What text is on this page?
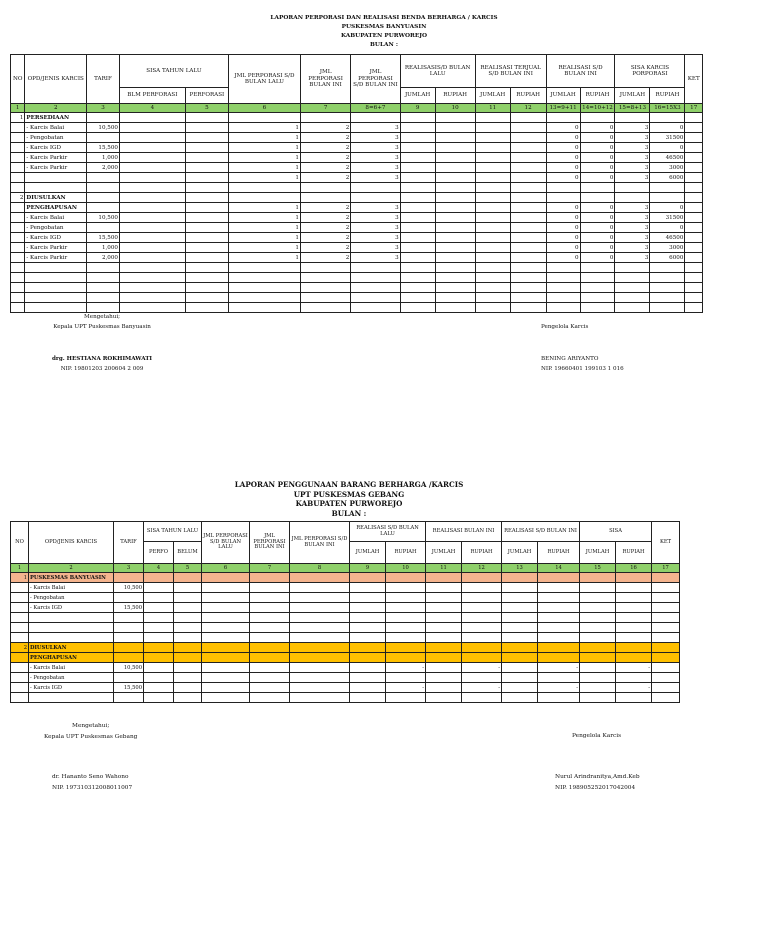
LAPORAN PERPORASI DAN REALISASI BENDA BERHARGA / KARCIS
PUSKESMAS BANYUASIN
KABUPATEN PURWOREJO
BULAN :
NO	OPD/JENIS KARCIS	TARIF	SISA TAHUN LALU		JML PERPORASI S/D BULAN LALU	JML PERPORASI BULAN INI	JML PERPORASI S/D BULAN INI	REALISASIS/D BULAN LALU		REALISASI TERJUAL S/D BULAN INI		REALISASI S/D BULAN INI		SISA KARCIS PORPORASI		KET
			BLM PERFORASI	PERFORASI				JUMLAH	RUPIAH	JUMLAH	RUPIAH	JUMLAH	RUPIAH	JUMLAH	RUPIAH	
1	2	3	4	5	6	7	8=6+7	9	10	11	12	13=9+11	14=10+12	15=8+13	16=15X3	17
1	PERSEDIAAN															
	- Karcis Balai	10,500			1	2	3					0	0	3	0	
	- Pengobatan				1	2	3					0	0	3	31500	
	- Karcis IGD	15,500			1	2	3					0	0	3	0	
	- Karcis Parkir	1,000			1	2	3					0	0	3	46500	
	- Karcis Parkir	2,000			1	2	3					0	0	3	3000	
					1	2	3					0	0	3	6000	

2	DIUSULKAN															
	PENGHAPUSAN				1	2	3					0	0	3	0	
	- Karcis Balai	10,500			1	2	3					0	0	3	31500	
	- Pengobatan				1	2	3					0	0	3	0	
	- Karcis IGD	15,500			1	2	3					0	0	3	46500	
	- Karcis Parkir	1,000			1	2	3					0	0	3	3000	
	- Karcis Parkir	2,000			1	2	3					0	0	3	6000	

Mengetahui;
Kepala UPT Puskesmas Banyuasin
drg. HESTIANA ROKHIMAWATI
NIP. 19801203 200604 2 009
Pengelola Karcis
BENING ARIYANTO
NIP. 19660401 199103 1 016
LAPORAN PENGGUNAAN BARANG BERHARGA /KARCIS
UPT PUSKESMAS GEBANG
KABUPATEN PURWOREJO
BULAN :
NO	OPD/JENIS KARCIS	TARIF	SISA TAHUN LALU		JML PERPORASI S/D BULAN LALU	JML PERPORASI BULAN INI	JML PERPORASI S/D BULAN INI	REALISASI S/D BULAN LALU		REALISASI BULAN INI		REALISASI S/D BULAN INI		SISA		KET
			PERFO	BELUM				JUMLAH	RUPIAH	JUMLAH	RUPIAH	JUMLAH	RUPIAH	JUMLAH	RUPIAH	
1	2	3	4	5	6	7	8	9	10	11	12	13	14	15	16	17
1	PUSKESMAS BANYUASIN															
	- Karcis Balai	10,500														
	- Pengobatan															
	- Karcis IGD	15,500														

2	DIUSULKAN															
	PENGHAPUSAN															
	- Karcis Balai	10,500							-		-		-		-	
	- Pengobatan															
	- Karcis IGD	15,500							-		-		-		-	

Mengetahui;
Kepala UPT Puskesmas Gebang
dr. Hananto Seno Wahono
NIP. 197310312008011007
Pengelola Karcis
Nurul Arindranitya,Amd.Keb
NIP. 198905252017042004
